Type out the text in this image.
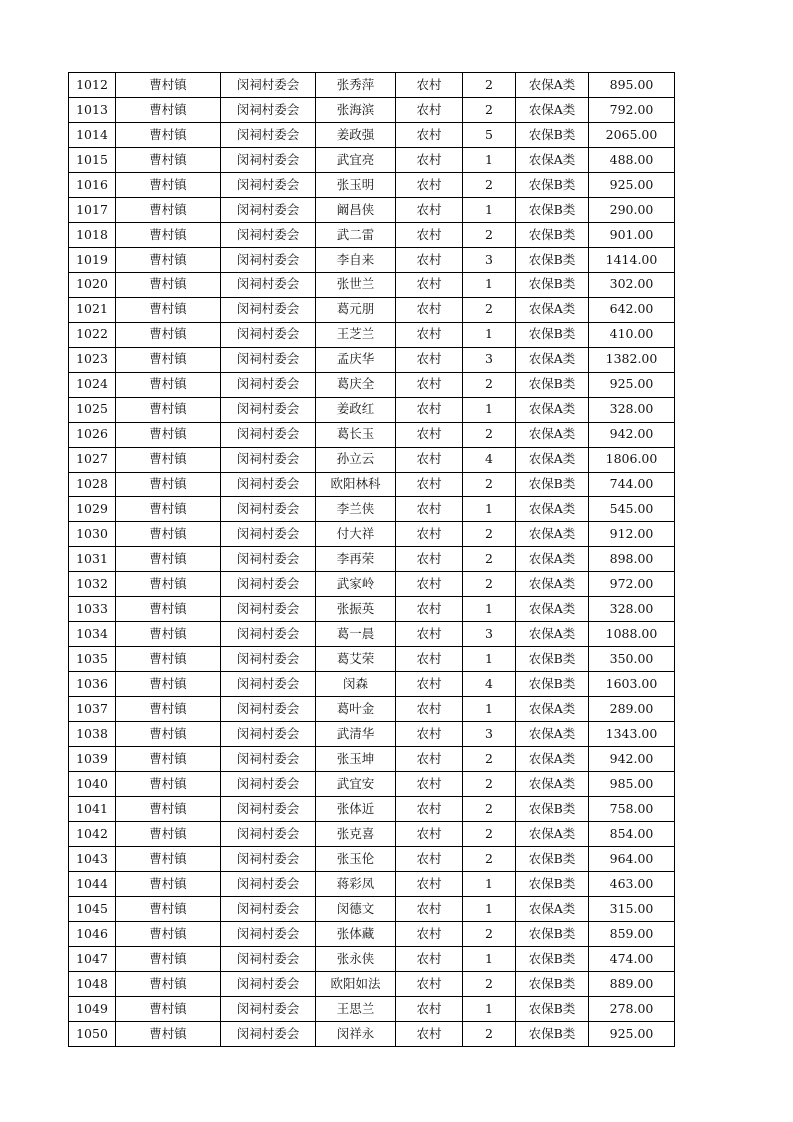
1012	曹村镇	闵祠村委会	张秀萍	农村	2	农保A类	895.00
1013	曹村镇	闵祠村委会	张海滨	农村	2	农保A类	792.00
1014	曹村镇	闵祠村委会	姜政强	农村	5	农保B类	2065.00
1015	曹村镇	闵祠村委会	武宜亮	农村	1	农保A类	488.00
1016	曹村镇	闵祠村委会	张玉明	农村	2	农保B类	925.00
1017	曹村镇	闵祠村委会	阚昌侠	农村	1	农保B类	290.00
1018	曹村镇	闵祠村委会	武二雷	农村	2	农保B类	901.00
1019	曹村镇	闵祠村委会	李自来	农村	3	农保B类	1414.00
1020	曹村镇	闵祠村委会	张世兰	农村	1	农保B类	302.00
1021	曹村镇	闵祠村委会	葛元朋	农村	2	农保A类	642.00
1022	曹村镇	闵祠村委会	王芝兰	农村	1	农保B类	410.00
1023	曹村镇	闵祠村委会	孟庆华	农村	3	农保A类	1382.00
1024	曹村镇	闵祠村委会	葛庆全	农村	2	农保B类	925.00
1025	曹村镇	闵祠村委会	姜政红	农村	1	农保A类	328.00
1026	曹村镇	闵祠村委会	葛长玉	农村	2	农保A类	942.00
1027	曹村镇	闵祠村委会	孙立云	农村	4	农保A类	1806.00
1028	曹村镇	闵祠村委会	欧阳林科	农村	2	农保B类	744.00
1029	曹村镇	闵祠村委会	李兰侠	农村	1	农保A类	545.00
1030	曹村镇	闵祠村委会	付大祥	农村	2	农保A类	912.00
1031	曹村镇	闵祠村委会	李再荣	农村	2	农保A类	898.00
1032	曹村镇	闵祠村委会	武家岭	农村	2	农保A类	972.00
1033	曹村镇	闵祠村委会	张振英	农村	1	农保A类	328.00
1034	曹村镇	闵祠村委会	葛一晨	农村	3	农保A类	1088.00
1035	曹村镇	闵祠村委会	葛艾荣	农村	1	农保B类	350.00
1036	曹村镇	闵祠村委会	闵森	农村	4	农保B类	1603.00
1037	曹村镇	闵祠村委会	葛叶金	农村	1	农保A类	289.00
1038	曹村镇	闵祠村委会	武清华	农村	3	农保A类	1343.00
1039	曹村镇	闵祠村委会	张玉坤	农村	2	农保A类	942.00
1040	曹村镇	闵祠村委会	武宜安	农村	2	农保A类	985.00
1041	曹村镇	闵祠村委会	张体近	农村	2	农保B类	758.00
1042	曹村镇	闵祠村委会	张克喜	农村	2	农保A类	854.00
1043	曹村镇	闵祠村委会	张玉伦	农村	2	农保B类	964.00
1044	曹村镇	闵祠村委会	蒋彩凤	农村	1	农保B类	463.00
1045	曹村镇	闵祠村委会	闵德文	农村	1	农保A类	315.00
1046	曹村镇	闵祠村委会	张体藏	农村	2	农保B类	859.00
1047	曹村镇	闵祠村委会	张永侠	农村	1	农保B类	474.00
1048	曹村镇	闵祠村委会	欧阳如法	农村	2	农保B类	889.00
1049	曹村镇	闵祠村委会	王思兰	农村	1	农保B类	278.00
1050	曹村镇	闵祠村委会	闵祥永	农村	2	农保B类	925.00
